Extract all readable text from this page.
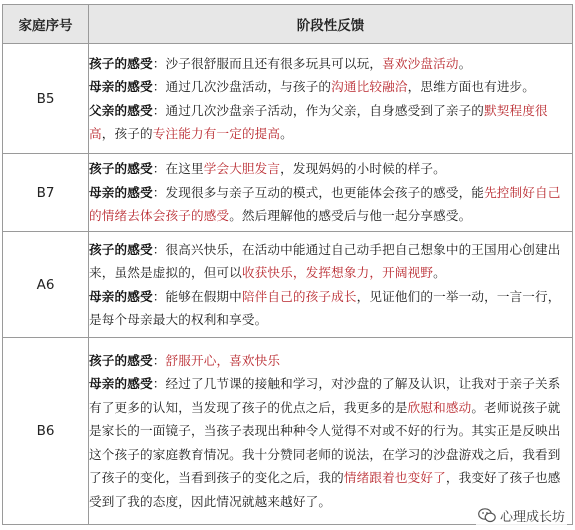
家庭序号	阶段性反馈
B5	孩子的感受：沙子很舒服而且还有很多玩具可以玩，喜欢沙盘活动。

母亲的感受：通过几次沙盘活动，与孩子的沟通比较融洽，思维方面也有进步。

父亲的感受：通过几次沙盘亲子活动，作为父亲，自身感受到了亲子的默契程度很高，孩子的专注能力有一定的提高。

B7	孩子的感受：在这里学会大胆发言，发现妈妈的小时候的样子。

母亲的感受：发现很多与亲子互动的模式，也更能体会孩子的感受，能先控制好自己的情绪去体会孩子的感受。然后理解他的感受后与他一起分享感受。

A6	孩子的感受：很高兴快乐，在活动中能通过自己动手把自己想象中的王国用心创建出来，虽然是虚拟的，但可以收获快乐，发挥想象力，开阔视野。

母亲的感受：能够在假期中陪伴自己的孩子成长，见证他们的一举一动，一言一行，是每个母亲最大的权利和享受。

B6	孩子的感受：舒服开心，喜欢快乐

母亲的感受：经过了几节课的接触和学习，对沙盘的了解及认识，让我对于亲子关系有了更多的认知，当发现了孩子的优点之后，我更多的是欣慰和感动。老师说孩子就是家长的一面镜子，当孩子表现出种种令人觉得不对或不好的行为。其实正是反映出这个孩子的家庭教育情况。我十分赞同老师的说法，在学习的沙盘游戏之后，我看到了孩子的变化，当看到孩子的变化之后，我的情绪跟着也变好了，我变好了孩子也感受到了我的态度，因此情况就越来越好了。

心理成长坊
